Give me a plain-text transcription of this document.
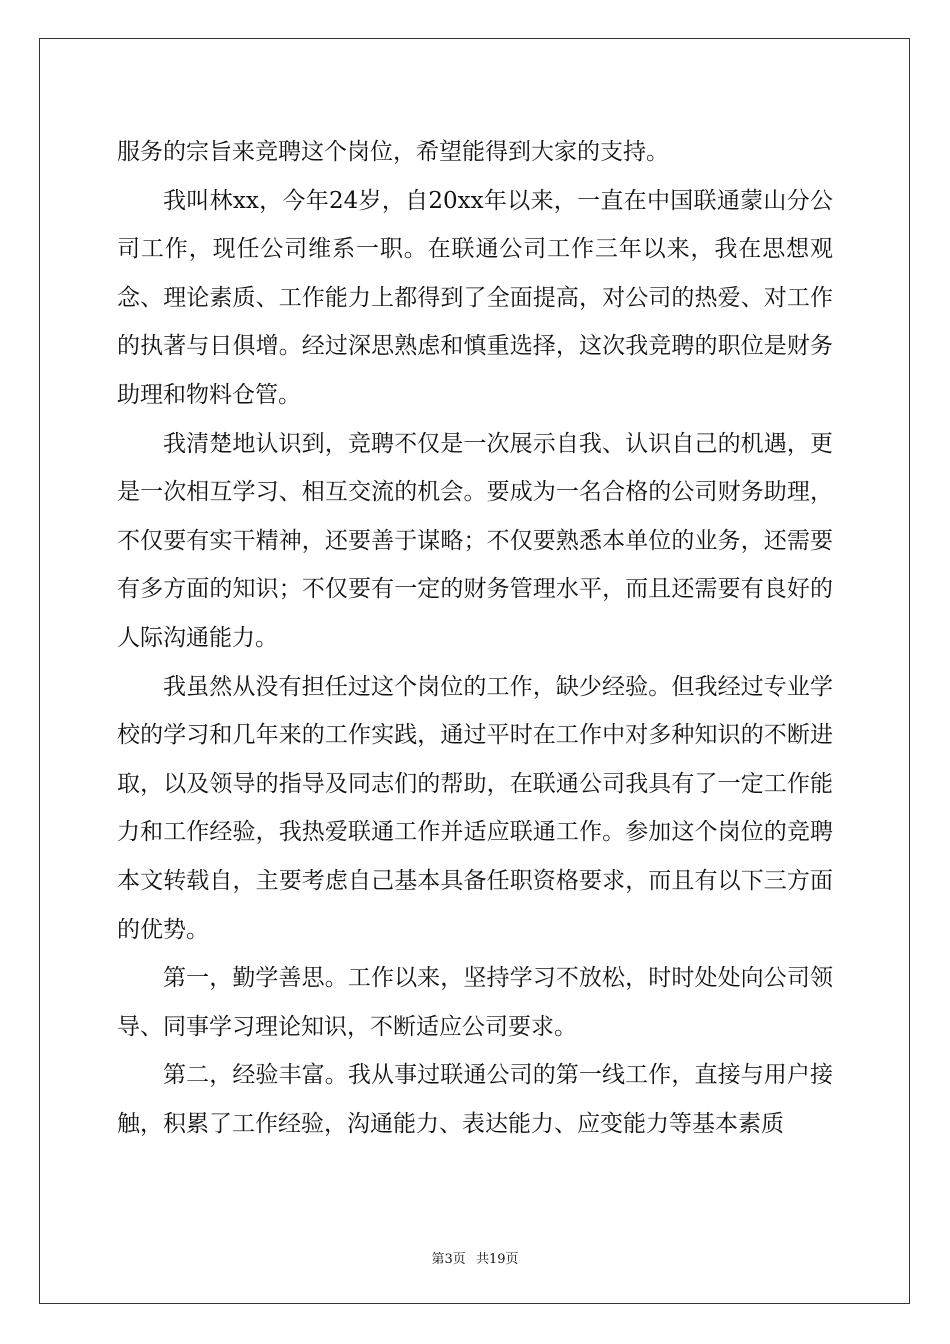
服务的宗旨来竞聘这个岗位，希望能得到大家的支持。

我叫林xx，今年24岁，自20xx年以来，一直在中国联通蒙山分公司工作，现任公司维系一职。在联通公司工作三年以来，我在思想观念、理论素质、工作能力上都得到了全面提高，对公司的热爱、对工作的执著与日俱增。经过深思熟虑和慎重选择，这次我竞聘的职位是财务助理和物料仓管。

我清楚地认识到，竞聘不仅是一次展示自我、认识自己的机遇，更是一次相互学习、相互交流的机会。要成为一名合格的公司财务助理，不仅要有实干精神，还要善于谋略；不仅要熟悉本单位的业务，还需要有多方面的知识；不仅要有一定的财务管理水平，而且还需要有良好的人际沟通能力。

我虽然从没有担任过这个岗位的工作，缺少经验。但我经过专业学校的学习和几年来的工作实践，通过平时在工作中对多种知识的不断进取，以及领导的指导及同志们的帮助，在联通公司我具有了一定工作能力和工作经验，我热爱联通工作并适应联通工作。参加这个岗位的竞聘本文转载自，主要考虑自己基本具备任职资格要求，而且有以下三方面的优势。

第一，勤学善思。工作以来，坚持学习不放松，时时处处向公司领导、同事学习理论知识，不断适应公司要求。

第二，经验丰富。我从事过联通公司的第一线工作，直接与用户接触，积累了工作经验，沟通能力、表达能力、应变能力等基本素质

第3页 共19页
